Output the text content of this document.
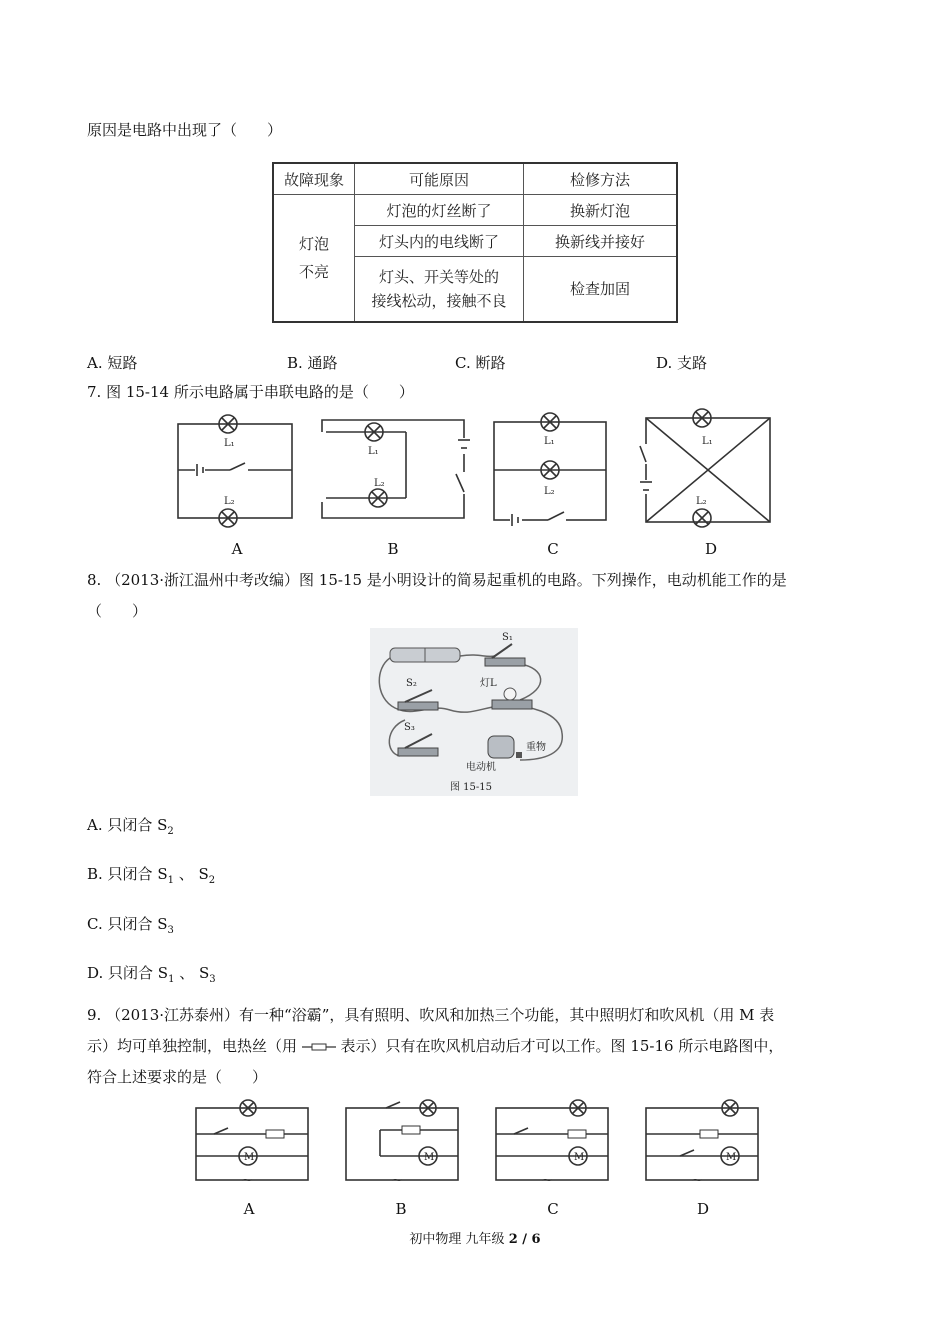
原因是电路中出现了（　　）
故障现象	可能原因	检修方法
灯泡
不亮	灯泡的灯丝断了	换新灯泡
	灯头内的电线断了	换新线并接好
	灯头、开关等处的
接线松动，接触不良	检查加固
A. 短路	B. 通路	C. 断路	D. 支路
7. 图 15-14 所示电路属于串联电路的是（　　）
L₁
L₂
L₁
L₂
L₁
L₂
L₁
L₂
A	B	C	D
8. （2013·浙江温州中考改编）图 15-15 是小明设计的简易起重机的电路。下列操作，电动机能工作的是
（　　）
S₁
S₂	灯L
S₃
重物
电动机
图 15-15
A. 只闭合 $S_2$
B. 只闭合 $S_1$ 、 $S_2$
C. 只闭合 $S_3$
D. 只闭合 $S_1$ 、 $S_3$
9. （2013·江苏泰州）有一种“浴霸”，具有照明、吹风和加热三个功能，其中照明灯和吹风机（用 M 表
示）均可单独控制，电热丝（用  表示）只有在吹风机启动后才可以工作。图 15-16 所示电路图中，
符合上述要求的是（　　）
M
～
M
～
M
～
M
～
A	B	C	D
初中物理 九年级 2 / 6
